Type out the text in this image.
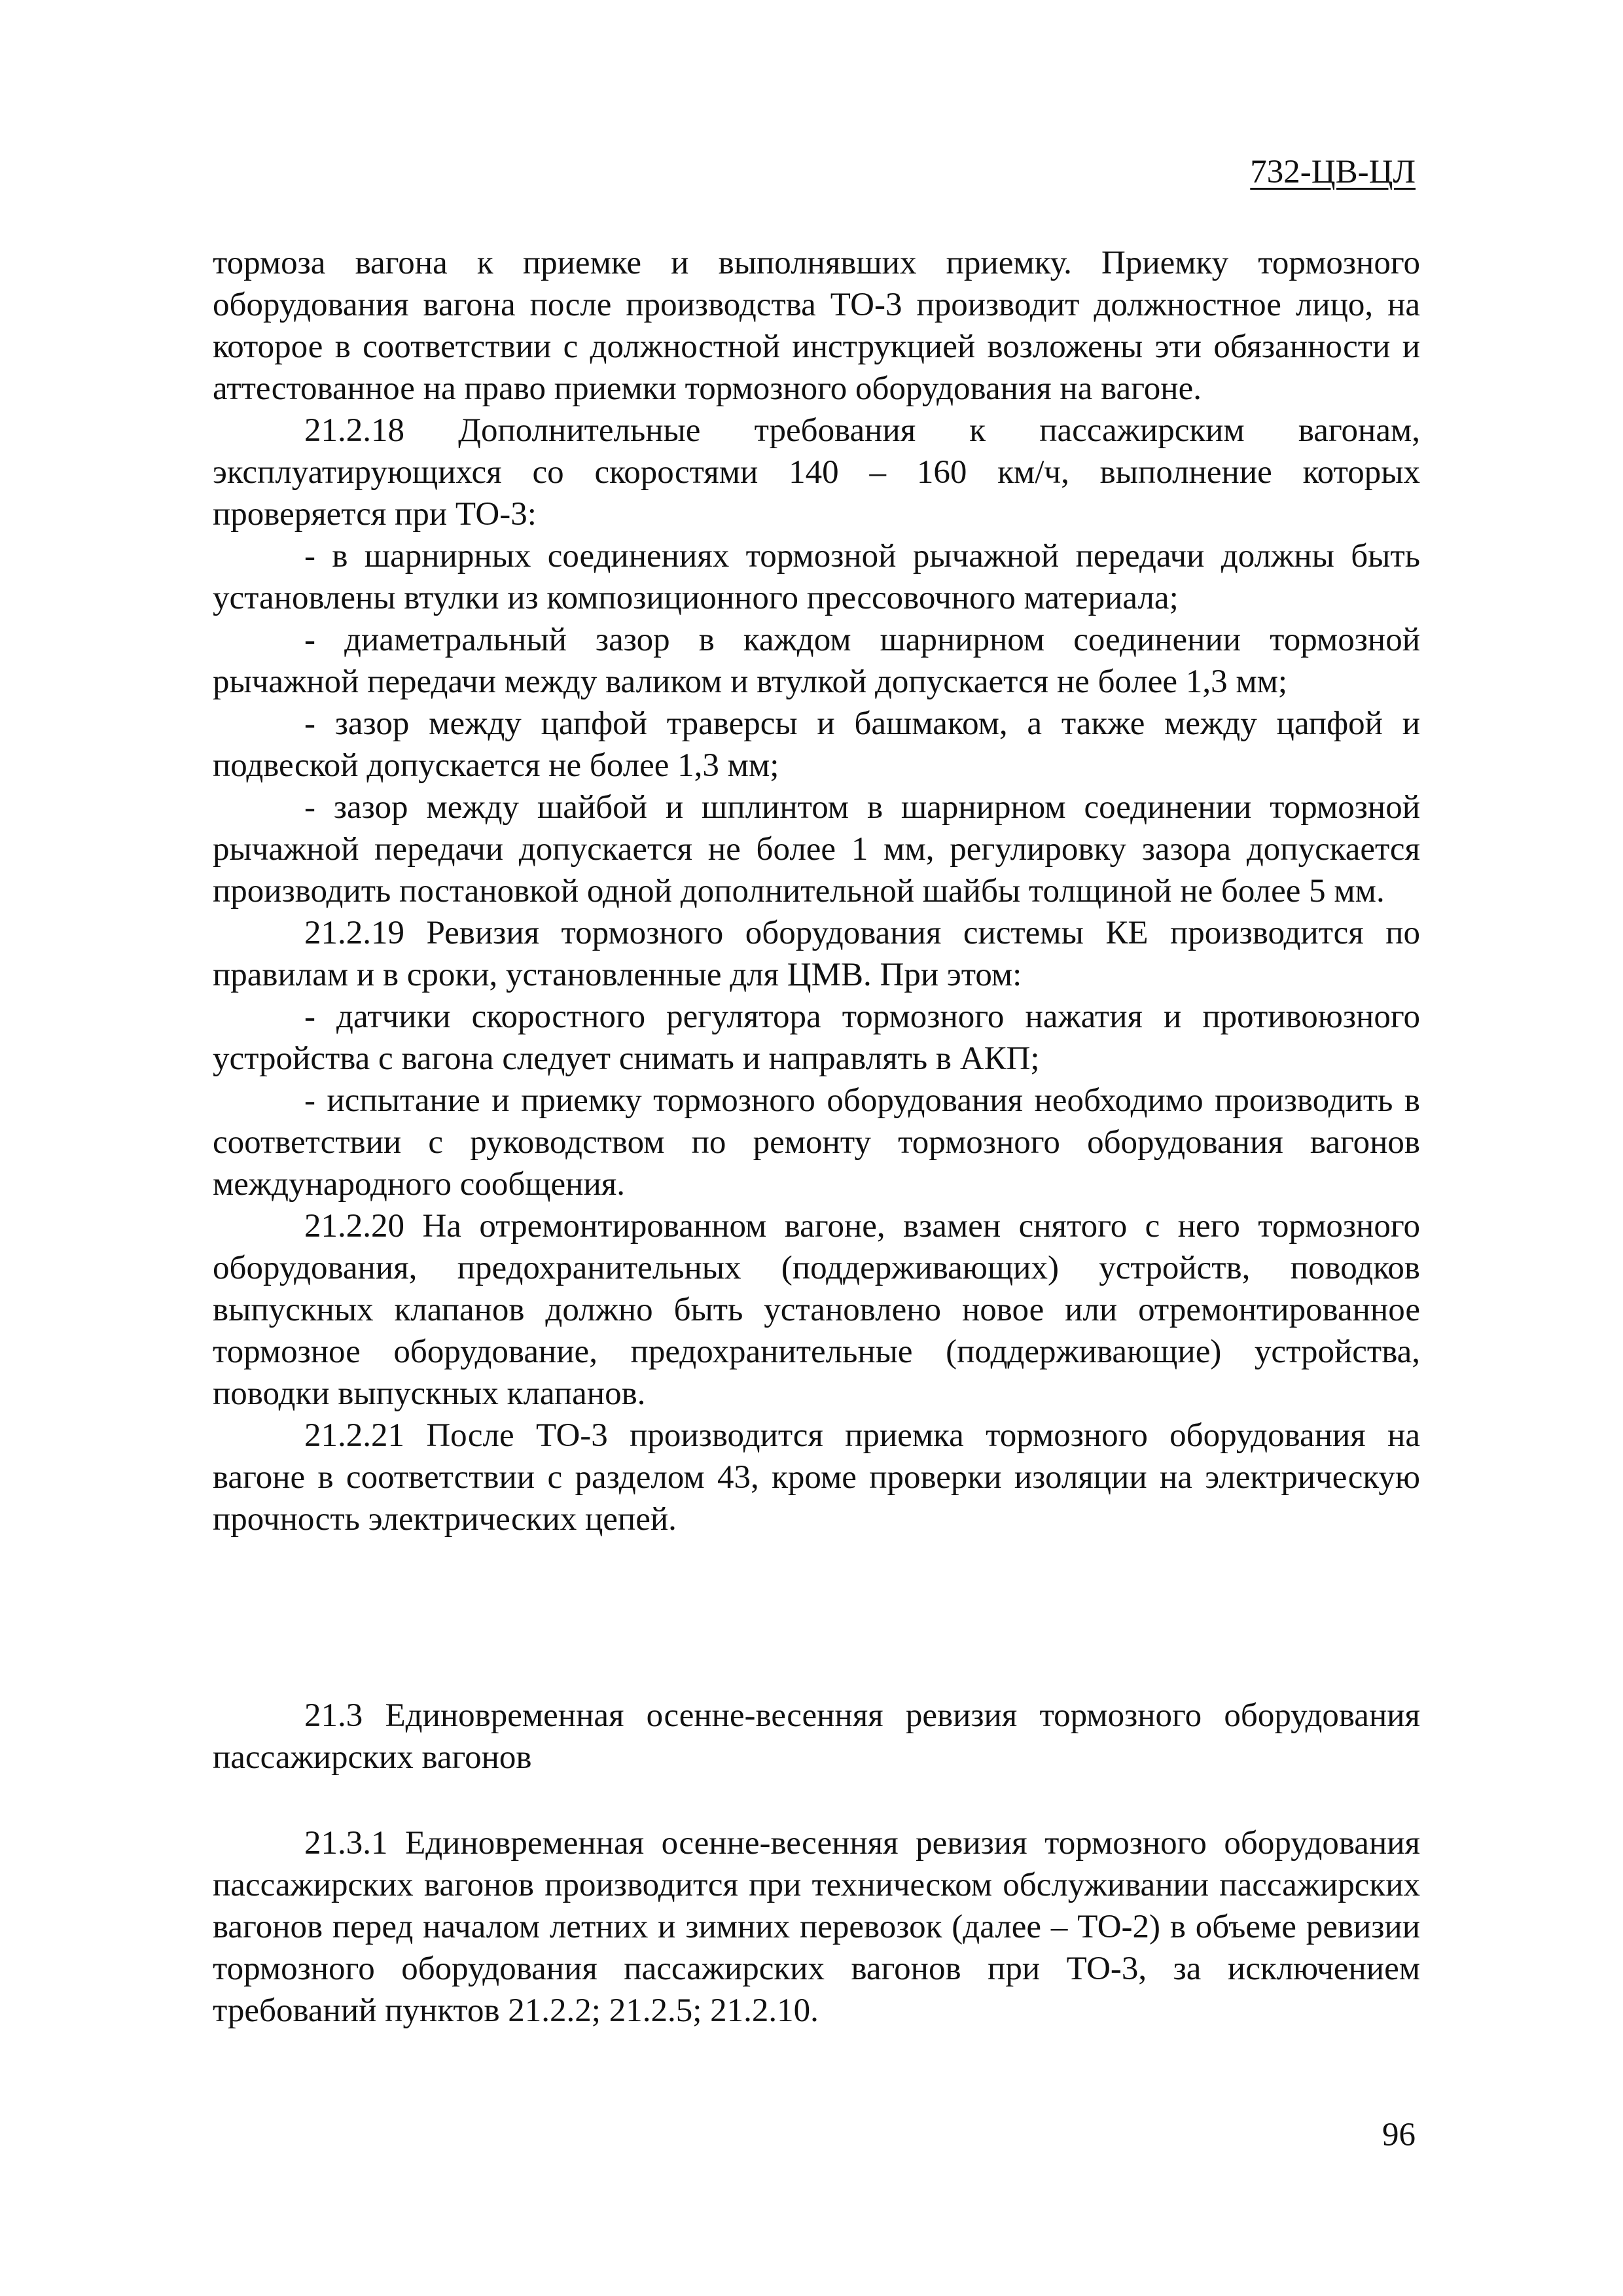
732-ЦВ-ЦЛ

тормоза вагона к приемке и выполнявших приемку. Приемку тормозного оборудования вагона после производства ТО-3 производит должностное лицо, на которое в соответствии с должностной инструкцией возложены эти обязанности и аттестованное на право приемки тормозного оборудования на вагоне.

21.2.18 Дополнительные требования к пассажирским вагонам, эксплуатирующихся со скоростями 140 – 160 км/ч, выполнение которых проверяется при ТО-3:

- в шарнирных соединениях тормозной рычажной передачи должны быть установлены втулки из композиционного прессовочного материала;

- диаметральный зазор в каждом шарнирном соединении тормозной рычажной передачи между валиком и втулкой допускается не более 1,3 мм;

- зазор между цапфой траверсы и башмаком, а также между цапфой и подвеской допускается не более 1,3 мм;

- зазор между шайбой и шплинтом в шарнирном соединении тормозной рычажной передачи допускается не более 1 мм, регулировку зазора допускается производить постановкой одной дополнительной шайбы толщиной не более 5 мм.

21.2.19 Ревизия тормозного оборудования системы КЕ производится по правилам и в сроки, установленные для ЦМВ. При этом:

- датчики скоростного регулятора тормозного нажатия и противоюзного устройства с вагона следует снимать и направлять в АКП;

- испытание и приемку тормозного оборудования необходимо производить в соответствии с руководством по ремонту тормозного оборудования вагонов международного сообщения.

21.2.20 На отремонтированном вагоне, взамен снятого с него тормозного оборудования, предохранительных (поддерживающих) устройств, поводков выпускных клапанов должно быть установлено новое или отремонтированное тормозное оборудование, предохранительные (поддерживающие) устройства, поводки выпускных клапанов.

21.2.21 После ТО-3 производится приемка тормозного оборудования на вагоне в соответствии с разделом 43, кроме проверки изоляции на электрическую прочность электрических цепей.

21.3 Единовременная осенне-весенняя ревизия тормозного оборудования пассажирских вагонов

21.3.1 Единовременная осенне-весенняя ревизия тормозного оборудования пассажирских вагонов производится при техническом обслуживании пассажирских вагонов перед началом летних и зимних перевозок (далее – ТО-2) в объеме ревизии тормозного оборудования пассажирских вагонов при ТО-3, за исключением требований пунктов 21.2.2; 21.2.5; 21.2.10.

96
